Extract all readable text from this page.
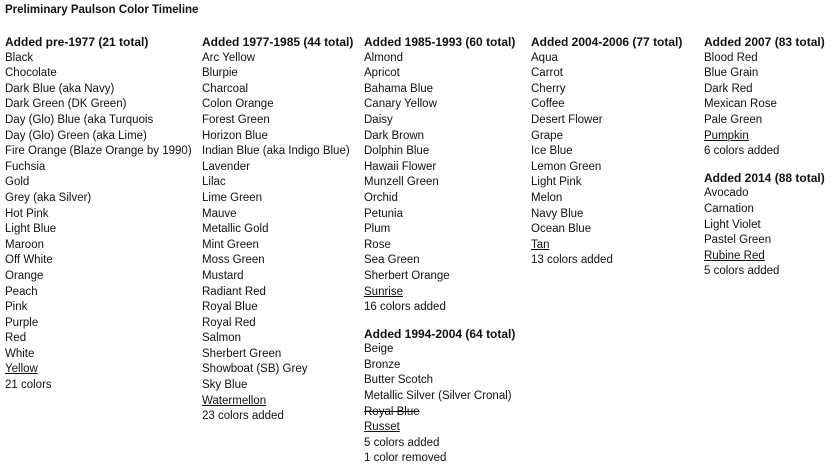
Preliminary Paulson Color Timeline
Added pre-1977 (21 total)
Black
Chocolate
Dark Blue (aka Navy)
Dark Green (DK Green)
Day (Glo) Blue (aka Turquois
Day (Glo) Green (aka Lime)
Fire Orange (Blaze Orange by 1990)
Fuchsia
Gold
Grey (aka Silver)
Hot Pink
Light Blue
Maroon
Off White
Orange
Peach
Pink
Purple
Red
White
Yellow
21 colors
Added 1977-1985 (44 total)
Arc Yellow
Blurpie
Charcoal
Colon Orange
Forest Green
Horizon Blue
Indian Blue (aka Indigo Blue)
Lavender
Lilac
Lime Green
Mauve
Metallic Gold
Mint Green
Moss Green
Mustard
Radiant Red
Royal Blue
Royal Red
Salmon
Sherbert Green
Showboat (SB) Grey
Sky Blue
Watermellon
23 colors added
Added 1985-1993 (60 total)
Almond
Apricot
Bahama Blue
Canary Yellow
Daisy
Dark Brown
Dolphin Blue
Hawaii Flower
Munzell Green
Orchid
Petunia
Plum
Rose
Sea Green
Sherbert Orange
Sunrise
16 colors added
Added 1994-2004 (64 total)
Beige
Bronze
Butter Scotch
Metallic Silver (Silver Cronal)
Royal Blue
Russet
5 colors added
1 color removed
Added 2004-2006 (77 total)
Aqua
Carrot
Cherry
Coffee
Desert Flower
Grape
Ice Blue
Lemon Green
Light Pink
Melon
Navy Blue
Ocean Blue
Tan
13 colors added
Added 2007 (83 total)
Blood Red
Blue Grain
Dark Red
Mexican Rose
Pale Green
Pumpkin
6 colors added
Added 2014 (88 total)
Avocado
Carnation
Light Violet
Pastel Green
Rubine Red
5 colors added
